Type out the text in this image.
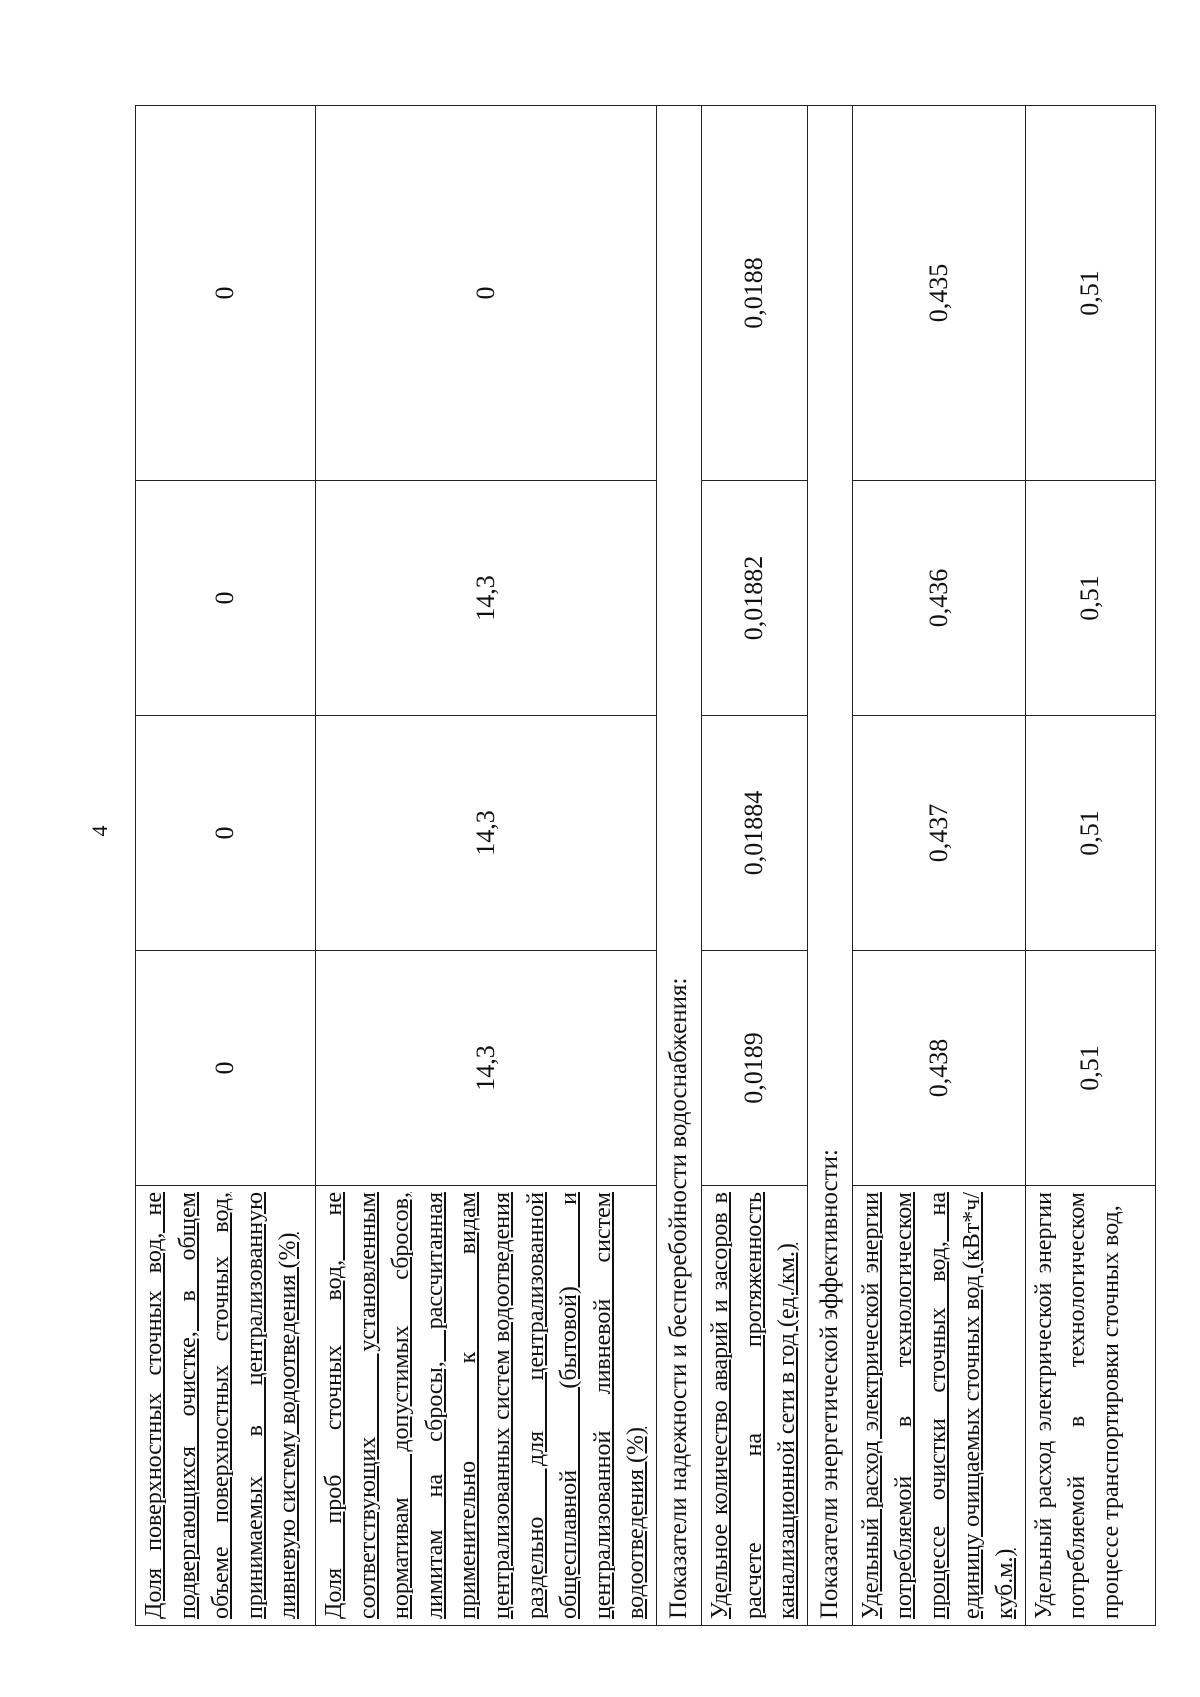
4
Доля поверхностных сточных вод, не подвергающихся очистке, в общем объеме поверхностных сточных вод, принимаемых в централизованную ливневую систему водоотведения (%)	0	0	0	0
Доля проб сточных вод, не соответствующих установленным нормативам допустимых сбросов, лимитам на сбросы, рассчитанная применительно к видам централизованных систем водоотведения раздельно для централизованной общесплавной (бытовой) и централизованной ливневой систем водоотведения (%)	14,3	14,3	14,3	0
Показатели надежности и бесперебойности водоснабжения:				
Удельное количество аварий и засоров в расчете на протяженность канализационной сети в год (ед./км.)	0,0189	0,01884	0,01882	0,0188
Показатели энергетической эффективности:				
Удельный расход электрической энергии потребляемой в технологическом процессе очистки сточных вод, на единицу очищаемых сточных вод (кВт*ч/куб.м.)	0,438	0,437	0,436	0,435
Удельный расход электрической энергии потребляемой в технологическом процессе транспортировки сточных вод,	0,51	0,51	0,51	0,51
